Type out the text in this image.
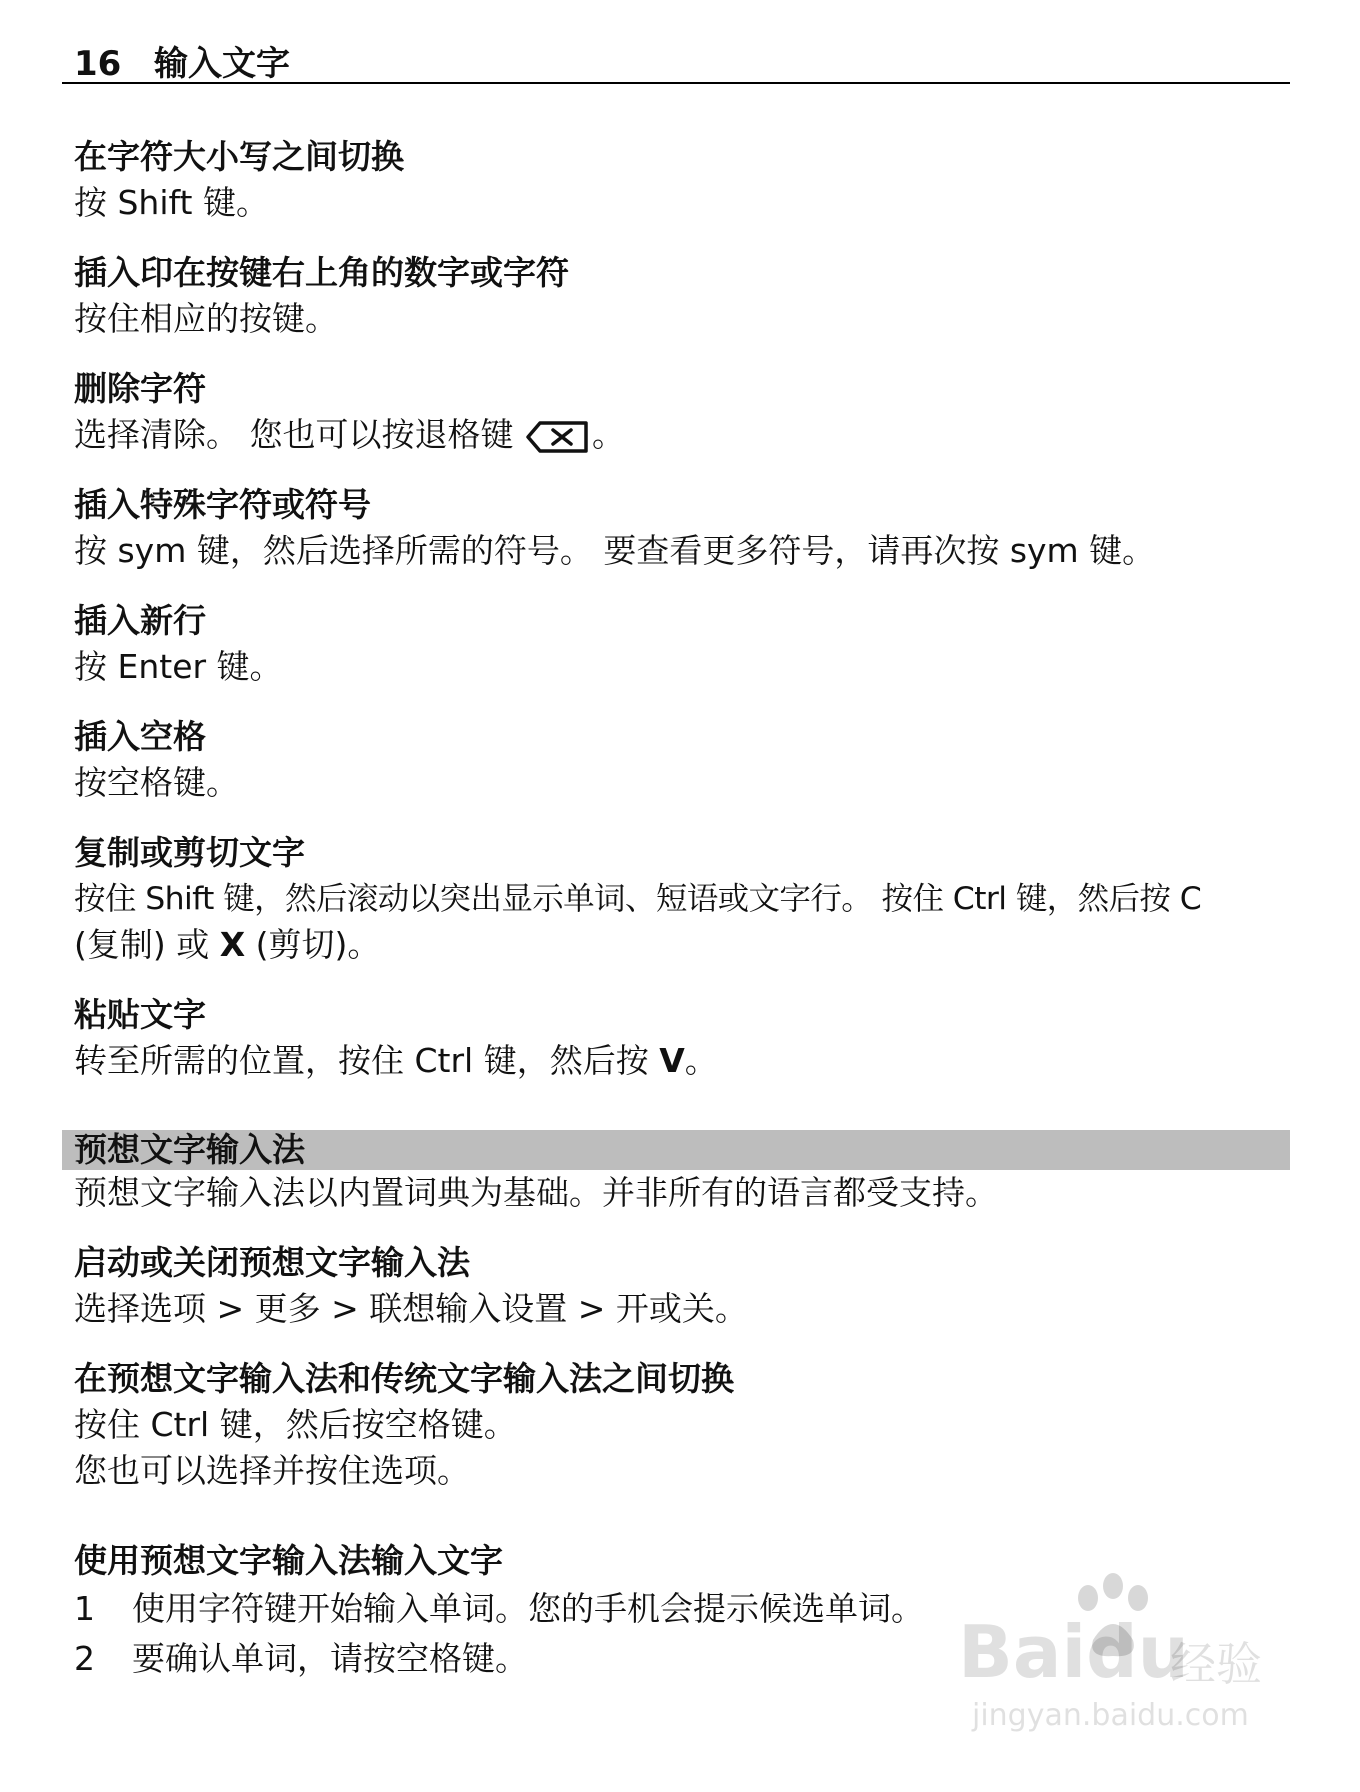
16 输入文字

在字符大小写之间切换

按 Shift 键。

插入印在按键右上角的数字或字符

按住相应的按键。

删除字符

选择清除。 您也可以按退格键 。

插入特殊字符或符号

按 sym 键，然后选择所需的符号。 要查看更多符号，请再次按 sym 键。

插入新行

按 Enter 键。

插入空格

按空格键。

复制或剪切文字

按住 Shift 键，然后滚动以突出显示单词、短语或文字行。 按住 Ctrl 键，然后按 C

(复制) 或 X (剪切)。

粘贴文字

转至所需的位置，按住 Ctrl 键，然后按 V。

预想文字输入法

预想文字输入法以内置词典为基础。并非所有的语言都受支持。

启动或关闭预想文字输入法

选择选项 > 更多 > 联想输入设置 > 开或关。

在预想文字输入法和传统文字输入法之间切换

按住 Ctrl 键，然后按空格键。

您也可以选择并按住选项。

使用预想文字输入法输入文字

1	使用字符键开始输入单词。您的手机会提示候选单词。
2	要确认单词，请按空格键。	Baidu
经验
jingyan.baidu.com
